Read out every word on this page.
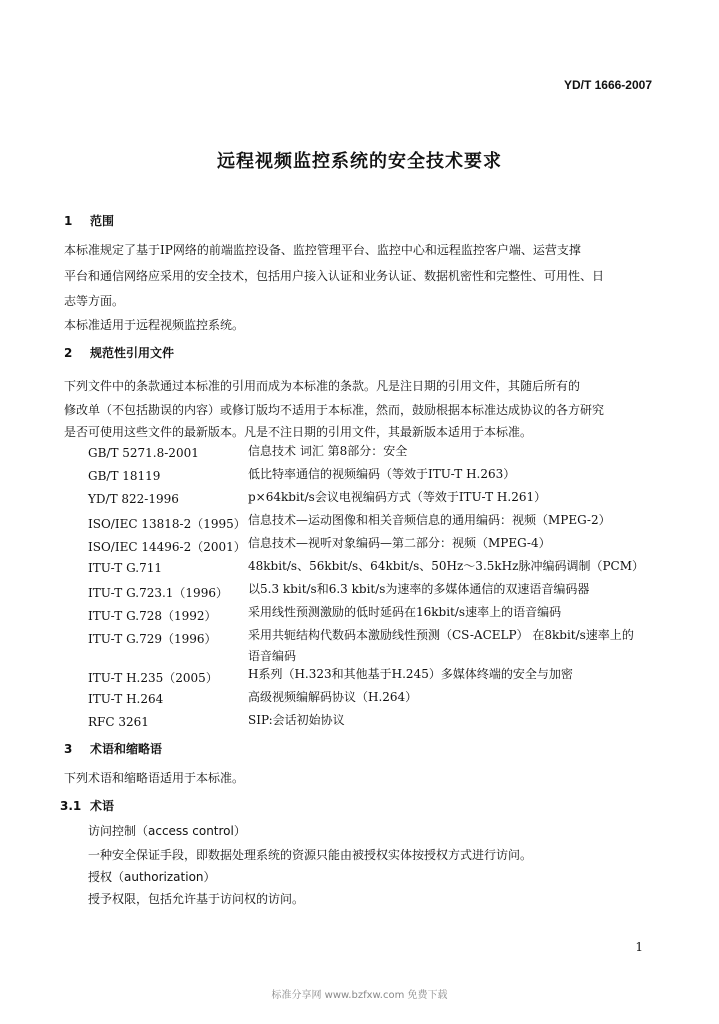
YD/T 1666-2007
远程视频监控系统的安全技术要求
1 范围
本标准规定了基于IP网络的前端监控设备、监控管理平台、监控中心和远程监控客户端、运营支撑
平台和通信网络应采用的安全技术，包括用户接入认证和业务认证、数据机密性和完整性、可用性、日
志等方面。
本标准适用于远程视频监控系统。
2 规范性引用文件
下列文件中的条款通过本标准的引用而成为本标准的条款。凡是注日期的引用文件，其随后所有的
修改单（不包括勘误的内容）或修订版均不适用于本标准，然而，鼓励根据本标准达成协议的各方研究
是否可使用这些文件的最新版本。凡是不注日期的引用文件，其最新版本适用于本标准。
GB/T 5271.8-2001	信息技术 词汇 第8部分：安全
GB/T 18119	低比特率通信的视频编码（等效于ITU-T H.263）
YD/T 822-1996	p×64kbit/s会议电视编码方式（等效于ITU-T H.261）
ISO/IEC 13818-2（1995） 信息技术—运动图像和相关音频信息的通用编码：视频（MPEG-2）
ISO/IEC 14496-2（2001） 信息技术—视听对象编码—第二部分：视频（MPEG-4）
ITU-T G.711	48kbit/s、56kbit/s、64kbit/s、50Hz～3.5kHz脉冲编码调制（PCM）
ITU-T G.723.1（1996） 以5.3 kbit/s和6.3 kbit/s为速率的多媒体通信的双速语音编码器
ITU-T G.728（1992）	采用线性预测激励的低时延码在16kbit/s速率上的语音编码
ITU-T G.729（1996）	采用共轭结构代数码本激励线性预测（CS-ACELP） 在8kbit/s速率上的
语音编码
ITU-T H.235（2005）	H系列（H.323和其他基于H.245）多媒体终端的安全与加密
ITU-T H.264	高级视频编解码协议（H.264）
RFC 3261	SIP:会话初始协议
3 术语和缩略语
下列术语和缩略语适用于本标准。
3.1 术语
访问控制（access control）
一种安全保证手段，即数据处理系统的资源只能由被授权实体按授权方式进行访问。
授权（authorization）
授予权限，包括允许基于访问权的访问。
1
标准分享网 www.bzfxw.com 免费下载
